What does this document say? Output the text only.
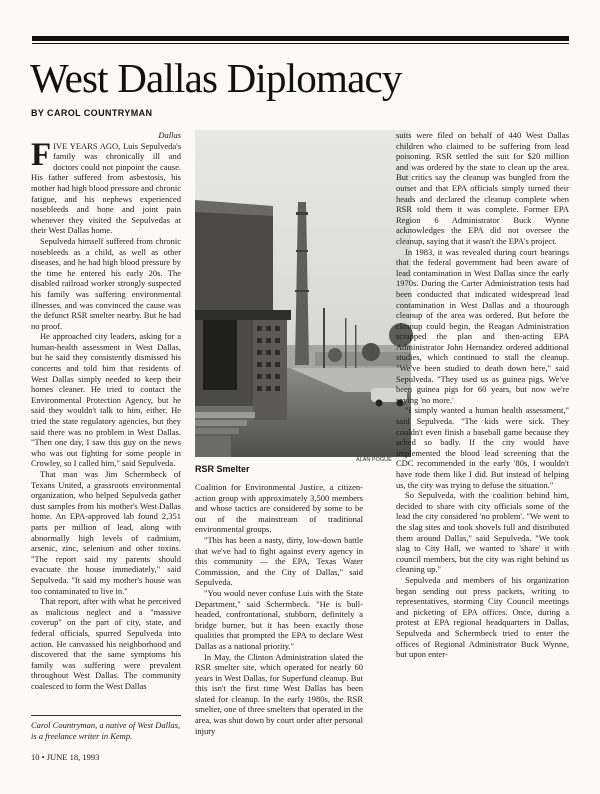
West Dallas Diplomacy
BY CAROL COUNTRYMAN
Dallas

FIVE YEARS AGO, Luis Sepulveda's family was chronically ill and doctors could not pinpoint the cause. His father suffered from asbestosis, his mother had high blood pressure and chronic fatigue, and his nephews experienced nosebleeds and bone and joint pain whenever they visited the Sepulvedas at their West Dallas home.

Sepulveda himself suffered from chronic nosebleeds as a child, as well as other diseases, and he had high blood pressure by the time he entered his early 20s. The disabled railroad worker strongly suspected his family was suffering environmental illnesses, and was convinced the cause was the defunct RSR smelter nearby. But he had no proof.

He approached city leaders, asking for a human-health assessment in West Dallas, but he said they consistently dismissed his concerns and told him that residents of West Dallas simply needed to keep their homes cleaner. He tried to contact the Environmental Protection Agency, but he said they wouldn't talk to him, either. He tried the state regulatory agencies, but they said there was no problem in West Dallas. "Then one day, I saw this guy on the news who was out fighting for some people in Crowley, so I called him," said Sepulveda.

That man was Jim Schermbeck of Texans United, a grassroots environmental organization, who helped Sepulveda gather dust samples from his mother's West Dallas home. An EPA-approved lab found 2,351 parts per million of lead, along with abnormally high levels of cadmium, arsenic, zinc, selenium and other toxins. "The report said my parents should evacuate the house immediately," said Sepulveda. "It said my mother's house was too contaminated to live in."

That report, after with what he perceived as malicious neglect and a "massive coverup" on the part of city, state, and federal officials, spurred Sepulveda into action. He canvassed his neighborhood and discovered that the same symptoms his family was suffering were prevalent throughout West Dallas. The community coalesced to form the West Dallas

ALAN POGUE
RSR Smelter

Coalition for Environmental Justice, a citizen-action group with approximately 3,500 members and whose tactics are considered by some to be out of the mainstream of traditional environmental groups.

"This has been a nasty, dirty, low-down battle that we've had to fight against every agency in this community — the EPA, Texas Water Commission, and the City of Dallas," said Sepulveda.

"You would never confuse Luis with the State Department," said Schermbeck. "He is bull-headed, confrontational, stubborn, definitely a bridge burner, but it has been exactly those qualities that prompted the EPA to declare West Dallas as a national priority."

In May, the Clinton Administration slated the RSR smelter site, which operated for nearly 60 years in West Dallas, for Superfund cleanup. But this isn't the first time West Dallas has been slated for cleanup. In the early 1980s, the RSR smelter, one of three smelters that operated in the area, was shut down by court order after personal injury

suits were filed on behalf of 440 West Dallas children who claimed to be suffering from lead poisoning. RSR settled the suit for $20 million and was ordered by the state to clean up the area. But critics say the cleanup was bungled from the outset and that EPA officials simply turned their heads and declared the cleanup complete when RSR told them it was complete. Former EPA Region 6 Administrator Buck Wynne acknowledges the EPA did not oversee the cleanup, saying that it wasn't the EPA's project.

In 1983, it was revealed during court hearings that the federal government had been aware of lead contamination in West Dallas since the early 1970s. During the Carter Administration tests had been conducted that indicated widespread lead contamination in West Dallas and a thourough cleanup of the area was ordered. But before the cleanup could begin, the Reagan Administration scrapped the plan and then-acting EPA Administrator John Hernandez ordered additional studies, which continued to stall the cleanup. "We've been studied to death down here," said Sepulveda. "They used us as guinea pigs. We've been guinea pigs for 60 years, but now we're saying 'no more.'

"I simply wanted a human health assessment," said Sepulveda. "The kids were sick. They couldn't even finish a baseball game because they ached so badly. If the city would have implemented the blood lead screening that the CDC recommended in the early '80s, I wouldn't have rode them like I did. But instead of helping us, the city was trying to defuse the situation."

So Sepulveda, with the coalition behind him, decided to share with city officials some of the lead the city considered 'no problem'. "We went to the slag sites and took shovels full and distributed them around Dallas," said Sepulveda. "We took slag to City Hall, we wanted to 'share' it with council members, but the city was right behind us cleaning up."

Sepulveda and members of his organization began sending out press packets, writing to representatives, storming City Council meetings and picketing of EPA offices. Once, during a protest at EPA regional headquarters in Dallas, Sepulveda and Schermbeck tried to enter the offices of Regional Administrator Buck Wynne, but upon enter-

Carol Countryman, a native of West Dallas, is a freelance writer in Kemp.
10 • JUNE 18, 1993
